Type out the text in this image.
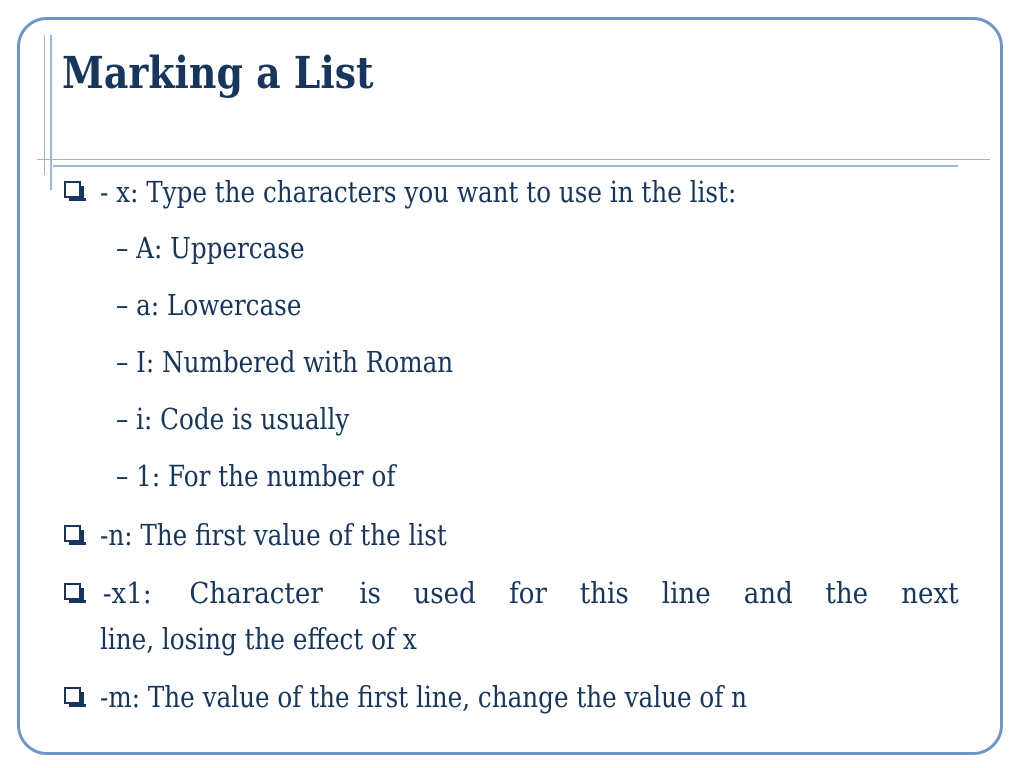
Marking a List
- x: Type the characters you want to use in the list:
– A: Uppercase
– a: Lowercase
– I: Numbered with Roman
– i: Code is usually
– 1: For the number of
-n: The first value of the list
-x1: Character is used for this line and the next
line, losing the effect of x
-m: The value of the first line, change the value of n
